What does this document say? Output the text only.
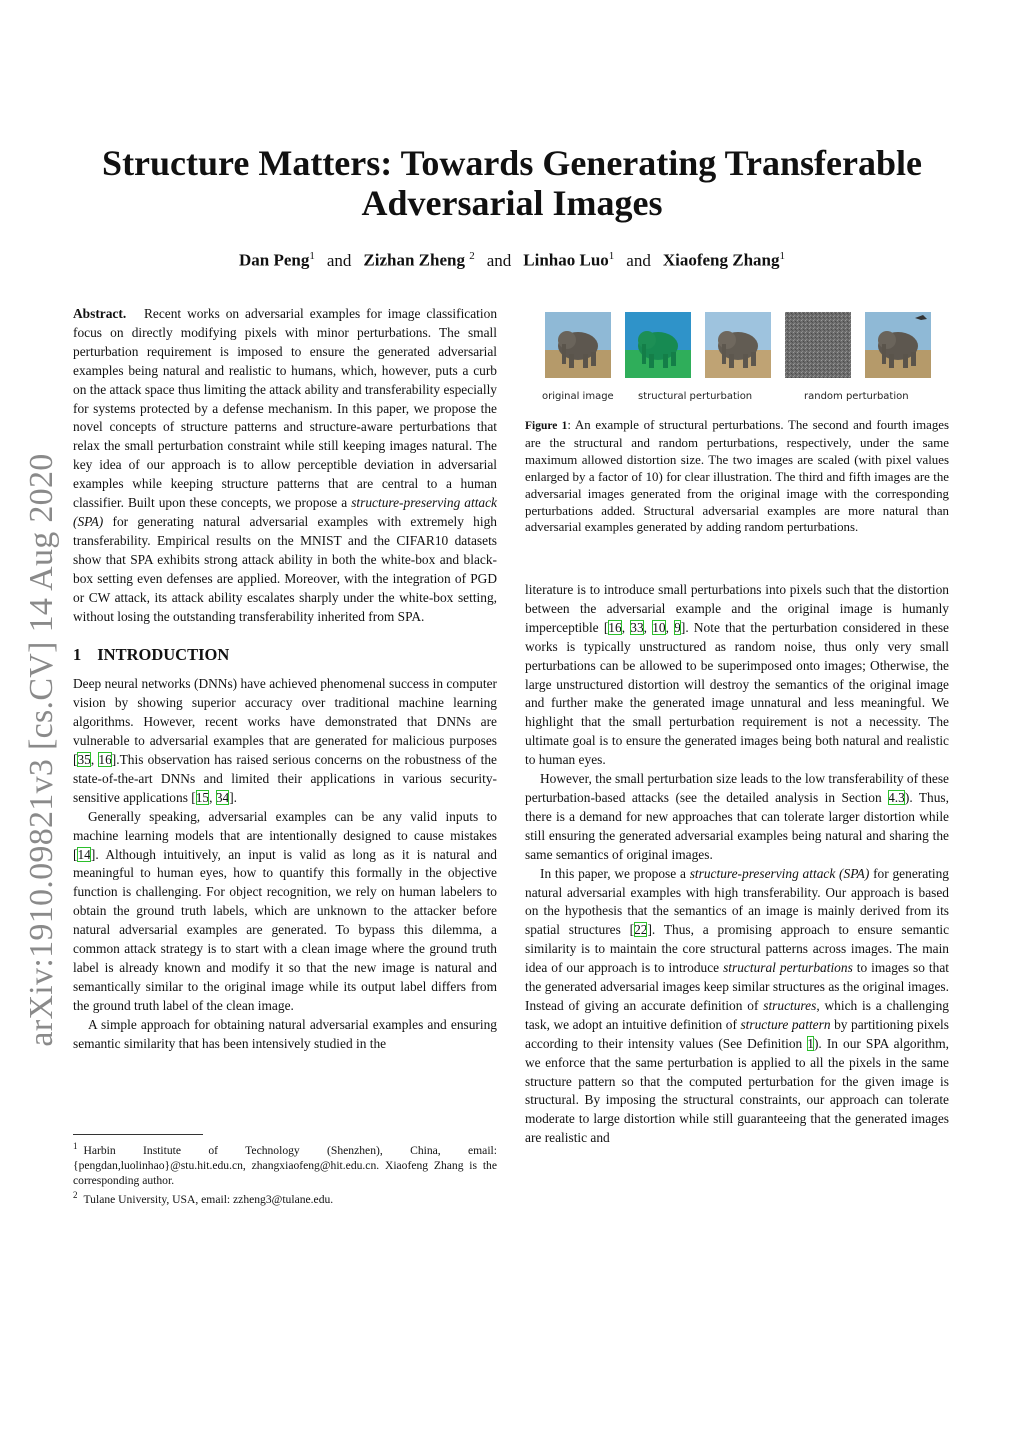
arXiv:1910.09821v3 [cs.CV] 14 Aug 2020
Structure Matters: Towards Generating Transferable Adversarial Images
Dan Peng$^1$ and Zizhan Zheng $^2$ and Linhao Luo$^1$ and Xiaofeng Zhang$^1$

Abstract. Recent works on adversarial examples for image classification focus on directly modifying pixels with minor perturbations. The small perturbation requirement is imposed to ensure the generated adversarial examples being natural and realistic to humans, which, however, puts a curb on the attack space thus limiting the attack ability and transferability especially for systems protected by a defense mechanism. In this paper, we propose the novel concepts of structure patterns and structure-aware perturbations that relax the small perturbation constraint while still keeping images natural. The key idea of our approach is to allow perceptible deviation in adversarial examples while keeping structure patterns that are central to a human classifier. Built upon these concepts, we propose a structure-preserving attack (SPA) for generating natural adversarial examples with extremely high transferability. Empirical results on the MNIST and the CIFAR10 datasets show that SPA exhibits strong attack ability in both the white-box and black-box setting even defenses are applied. Moreover, with the integration of PGD or CW attack, its attack ability escalates sharply under the white-box setting, without losing the outstanding transferability inherited from SPA.

1 INTRODUCTION

Deep neural networks (DNNs) have achieved phenomenal success in computer vision by showing superior accuracy over traditional machine learning algorithms. However, recent works have demonstrated that DNNs are vulnerable to adversarial examples that are generated for malicious purposes [35, 16].This observation has raised serious concerns on the robustness of the state-of-the-art DNNs and limited their applications in various security-sensitive applications [15, 34].

Generally speaking, adversarial examples can be any valid inputs to machine learning models that are intentionally designed to cause mistakes [14]. Although intuitively, an input is valid as long as it is natural and meaningful to human eyes, how to quantify this formally in the objective function is challenging. For object recognition, we rely on human labelers to obtain the ground truth labels, which are unknown to the attacker before natural adversarial examples are generated. To bypass this dilemma, a common attack strategy is to start with a clean image where the ground truth label is already known and modify it so that the new image is natural and semantically similar to the original image while its output label differs from the ground truth label of the clean image.

A simple approach for obtaining natural adversarial examples and ensuring semantic similarity that has been intensively studied in the

$^1$ Harbin Institute of Technology (Shenzhen), China, email: {pengdan,luolinhao}@stu.hit.edu.cn, zhangxiaofeng@hit.edu.cn. Xiaofeng Zhang is the corresponding author.

$^2$ Tulane University, USA, email: zzheng3@tulane.edu.

original image structural perturbation	random perturbation
Figure 1: An example of structural perturbations. The second and fourth images are the structural and random perturbations, respectively, under the same maximum allowed distortion size. The two images are scaled (with pixel values enlarged by a factor of 10) for clear illustration. The third and fifth images are the adversarial images generated from the original image with the corresponding perturbations added. Structural adversarial examples are more natural than adversarial examples generated by adding random perturbations.

literature is to introduce small perturbations into pixels such that the distortion between the adversarial example and the original image is humanly imperceptible [16, 33, 10, 9]. Note that the perturbation considered in these works is typically unstructured as random noise, thus only very small perturbations can be allowed to be superimposed onto images; Otherwise, the large unstructured distortion will destroy the semantics of the original image and further make the generated image unnatural and less meaningful. We highlight that the small perturbation requirement is not a necessity. The ultimate goal is to ensure the generated images being both natural and realistic to human eyes.

However, the small perturbation size leads to the low transferability of these perturbation-based attacks (see the detailed analysis in Section 4.3). Thus, there is a demand for new approaches that can tolerate larger distortion while still ensuring the generated adversarial examples being natural and sharing the same semantics of original images.

In this paper, we propose a structure-preserving attack (SPA) for generating natural adversarial examples with high transferability. Our approach is based on the hypothesis that the semantics of an image is mainly derived from its spatial structures [22]. Thus, a promising approach to ensure semantic similarity is to maintain the core structural patterns across images. The main idea of our approach is to introduce structural perturbations to images so that the generated adversarial images keep similar structures as the original images. Instead of giving an accurate definition of structures, which is a challenging task, we adopt an intuitive definition of structure pattern by partitioning pixels according to their intensity values (See Definition 1). In our SPA algorithm, we enforce that the same perturbation is applied to all the pixels in the same structure pattern so that the computed perturbation for the given image is structural. By imposing the structural constraints, our approach can tolerate moderate to large distortion while still guaranteeing that the generated images are realistic and
